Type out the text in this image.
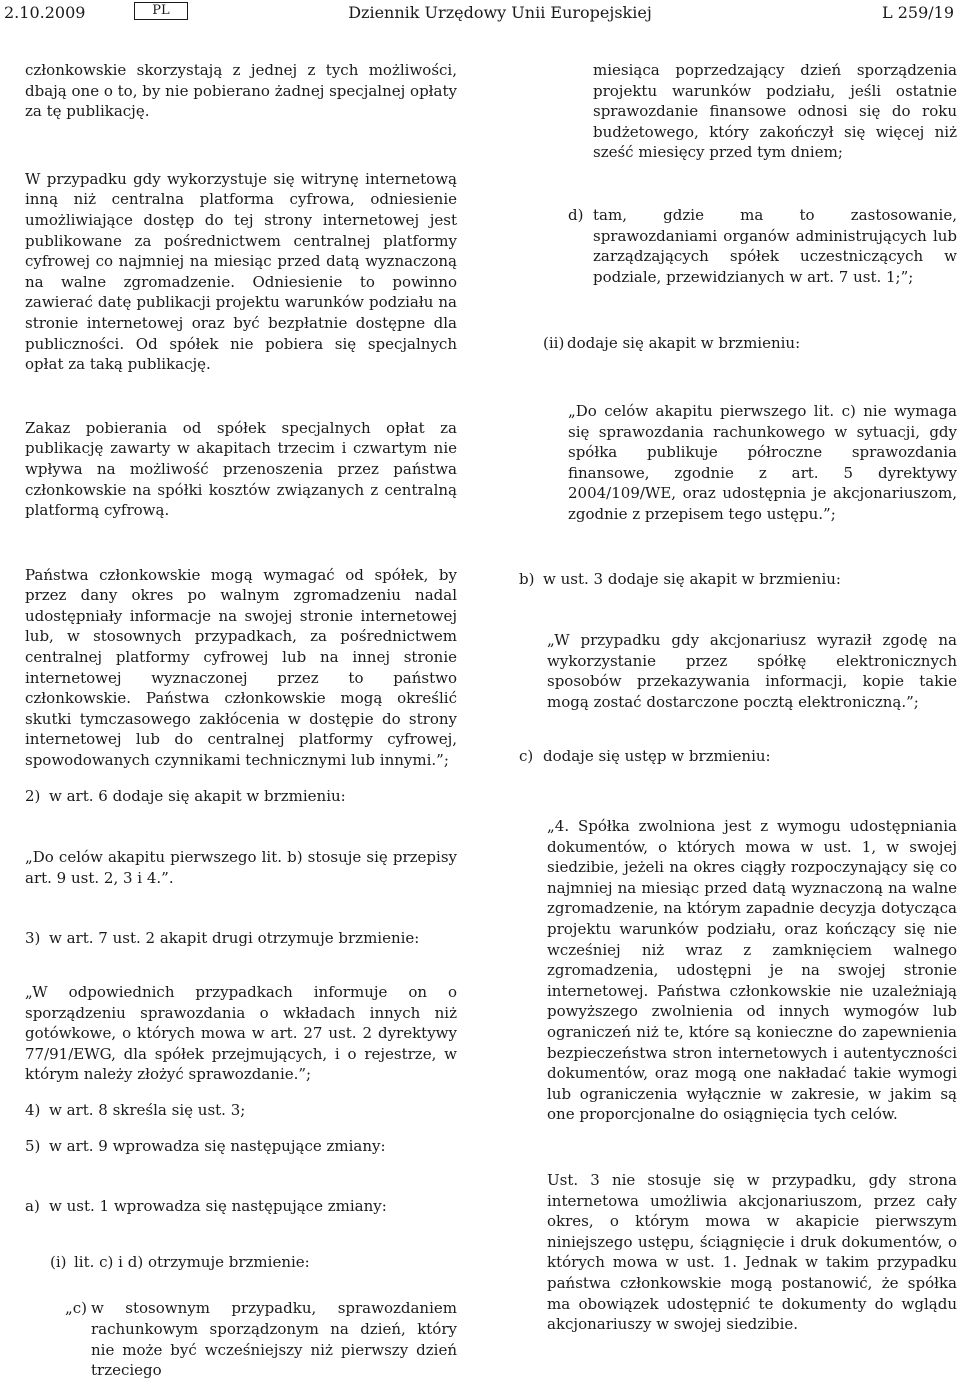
2.10.2009	PL	Dziennik Urzędowy Unii Europejskiej	L 259/19

członkowskie skorzystają z jednej z tych możliwości, dbają one o to, by nie pobierano żadnej specjalnej opłaty za tę publikację.

W przypadku gdy wykorzystuje się witrynę internetową inną niż centralna platforma cyfrowa, odniesienie umożliwiające dostęp do tej strony internetowej jest publikowane za pośrednictwem centralnej platformy cyfrowej co najmniej na miesiąc przed datą wyznaczoną na walne zgromadzenie. Odniesienie to powinno zawierać datę publikacji projektu warunków podziału na stronie internetowej oraz być bezpłatnie dostępne dla publiczności. Od spółek nie pobiera się specjalnych opłat za taką publikację.

Zakaz pobierania od spółek specjalnych opłat za publikację zawarty w akapitach trzecim i czwartym nie wpływa na możliwość przenoszenia przez państwa członkowskie na spółki kosztów związanych z centralną platformą cyfrową.

Państwa członkowskie mogą wymagać od spółek, by przez dany okres po walnym zgromadzeniu nadal udostępniały informacje na swojej stronie internetowej lub, w stosownych przypadkach, za pośrednictwem centralnej platformy cyfrowej lub na innej stronie internetowej wyznaczonej przez to państwo członkowskie. Państwa członkowskie mogą określić skutki tymczasowego zakłócenia w dostępie do strony internetowej lub do centralnej platformy cyfrowej, spowodowanych czynnikami technicznymi lub innymi.”;

2) w art. 6 dodaje się akapit w brzmieniu:

„Do celów akapitu pierwszego lit. b) stosuje się przepisy art. 9 ust. 2, 3 i 4.”.

3) w art. 7 ust. 2 akapit drugi otrzymuje brzmienie:

„W odpowiednich przypadkach informuje on o sporządzeniu sprawozdania o wkładach innych niż gotówkowe, o których mowa w art. 27 ust. 2 dyrektywy 77/91/EWG, dla spółek przejmujących, i o rejestrze, w którym należy złożyć sprawozdanie.”;

4) w art. 8 skreśla się ust. 3;
5) w art. 9 wprowadza się następujące zmiany:
a) w ust. 1 wprowadza się następujące zmiany:
(i) lit. c) i d) otrzymuje brzmienie:
„c) w stosownym przypadku, sprawozdaniem rachunkowym sporządzonym na dzień, który nie może być wcześniejszy niż pierwszy dzień trzeciego

miesiąca poprzedzający dzień sporządzenia projektu warunków podziału, jeśli ostatnie sprawozdanie finansowe odnosi się do roku budżetowego, który zakończył się więcej niż sześć miesięcy przed tym dniem;

d) tam, gdzie ma to zastosowanie, sprawozdaniami organów administrujących lub zarządzających spółek uczestniczących w podziale, przewidzianych w art. 7 ust. 1;”;
(ii) dodaje się akapit w brzmieniu:

„Do celów akapitu pierwszego lit. c) nie wymaga się sprawozdania rachunkowego w sytuacji, gdy spółka publikuje półroczne sprawozdania finansowe, zgodnie z art. 5 dyrektywy 2004/109/WE, oraz udostępnia je akcjonariuszom, zgodnie z przepisem tego ustępu.”;

b) w ust. 3 dodaje się akapit w brzmieniu:

„W przypadku gdy akcjonariusz wyraził zgodę na wykorzystanie przez spółkę elektronicznych sposobów przekazywania informacji, kopie takie mogą zostać dostarczone pocztą elektroniczną.”;

c) dodaje się ustęp w brzmieniu:

„4. Spółka zwolniona jest z wymogu udostępniania dokumentów, o których mowa w ust. 1, w swojej siedzibie, jeżeli na okres ciągły rozpoczynający się co najmniej na miesiąc przed datą wyznaczoną na walne zgromadzenie, na którym zapadnie decyzja dotycząca projektu warunków podziału, oraz kończący się nie wcześniej niż wraz z zamknięciem walnego zgromadzenia, udostępni je na swojej stronie internetowej. Państwa członkowskie nie uzależniają powyższego zwolnienia od innych wymogów lub ograniczeń niż te, które są konieczne do zapewnienia bezpieczeństwa stron internetowych i autentyczności dokumentów, oraz mogą one nakładać takie wymogi lub ograniczenia wyłącznie w zakresie, w jakim są one proporcjonalne do osiągnięcia tych celów.

Ust. 3 nie stosuje się w przypadku, gdy strona internetowa umożliwia akcjonariuszom, przez cały okres, o którym mowa w akapicie pierwszym niniejszego ustępu, ściągnięcie i druk dokumentów, o których mowa w ust. 1. Jednak w takim przypadku państwa członkowskie mogą postanowić, że spółka ma obowiązek udostępnić te dokumenty do wglądu akcjonariuszy w swojej siedzibie.
